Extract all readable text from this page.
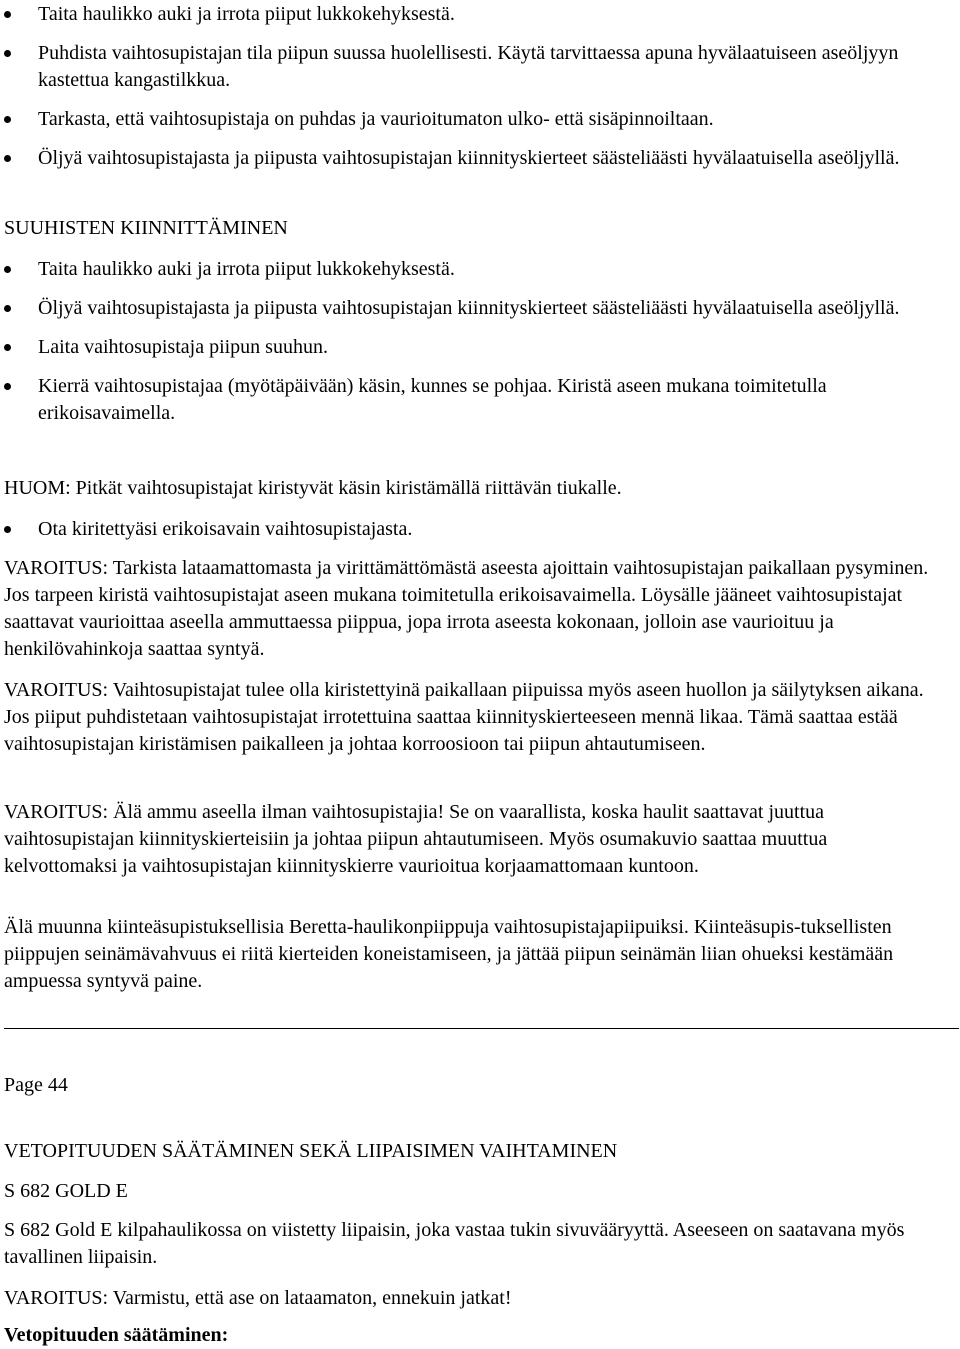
Taita haulikko auki ja irrota piiput lukkokehyksestä.
Puhdista vaihtosupistajan tila piipun suussa huolellisesti. Käytä tarvittaessa apuna hyvälaatuiseen aseöljyyn kastettua kangastilkkua.
Tarkasta, että vaihtosupistaja on puhdas ja vaurioitumaton ulko- että sisäpinnoiltaan.
Öljyä vaihtosupistajasta ja piipusta vaihtosupistajan kiinnityskierteet säästeliäästi hyvälaatuisella aseöljyllä.

SUUHISTEN KIINNITTÄMINEN

Taita haulikko auki ja irrota piiput lukkokehyksestä.
Öljyä vaihtosupistajasta ja piipusta vaihtosupistajan kiinnityskierteet säästeliäästi hyvälaatuisella aseöljyllä.
Laita vaihtosupistaja piipun suuhun.
Kierrä vaihtosupistajaa (myötäpäivään) käsin, kunnes se pohjaa. Kiristä aseen mukana toimitetulla erikoisavaimella.

HUOM: Pitkät vaihtosupistajat kiristyvät käsin kiristämällä riittävän tiukalle.

Ota kiritettyäsi erikoisavain vaihtosupistajasta.

VAROITUS: Tarkista lataamattomasta ja virittämättömästä aseesta ajoittain vaihtosupistajan paikallaan pysyminen. Jos tarpeen kiristä vaihtosupistajat aseen mukana toimitetulla erikoisavaimella. Löysälle jääneet vaihtosupistajat saattavat vaurioittaa aseella ammuttaessa piippua, jopa irrota aseesta kokonaan, jolloin ase vaurioituu ja henkilövahinkoja saattaa syntyä.

VAROITUS: Vaihtosupistajat tulee olla kiristettyinä paikallaan piipuissa myös aseen huollon ja säilytyksen aikana. Jos piiput puhdistetaan vaihtosupistajat irrotettuina saattaa kiinnityskierteeseen mennä likaa. Tämä saattaa estää vaihtosupistajan kiristämisen paikalleen ja johtaa korroosioon tai piipun ahtautumiseen.

VAROITUS: Älä ammu aseella ilman vaihtosupistajia! Se on vaarallista, koska haulit saattavat juuttua vaihtosupistajan kiinnityskierteisiin ja johtaa piipun ahtautumiseen. Myös osumakuvio saattaa muuttua kelvottomaksi ja vaihtosupistajan kiinnityskierre vaurioitua korjaamattomaan kuntoon.

Älä muunna kiinteäsupistuksellisia Beretta-haulikonpiippuja vaihtosupistajapiipuiksi. Kiinteäsupis-tuksellisten piippujen seinämävahvuus ei riitä kierteiden koneistamiseen, ja jättää piipun seinämän liian ohueksi kestämään ampuessa syntyvä paine.

Page 44

VETOPITUUDEN SÄÄTÄMINEN SEKÄ LIIPAISIMEN VAIHTAMINEN

S 682 GOLD E

S 682 Gold E kilpahaulikossa on viistetty liipaisin, joka vastaa tukin sivuvääryyttä. Aseeseen on saatavana myös tavallinen liipaisin.

VAROITUS: Varmistu, että ase on lataamaton, ennekuin jatkat!

Vetopituuden säätäminen:
